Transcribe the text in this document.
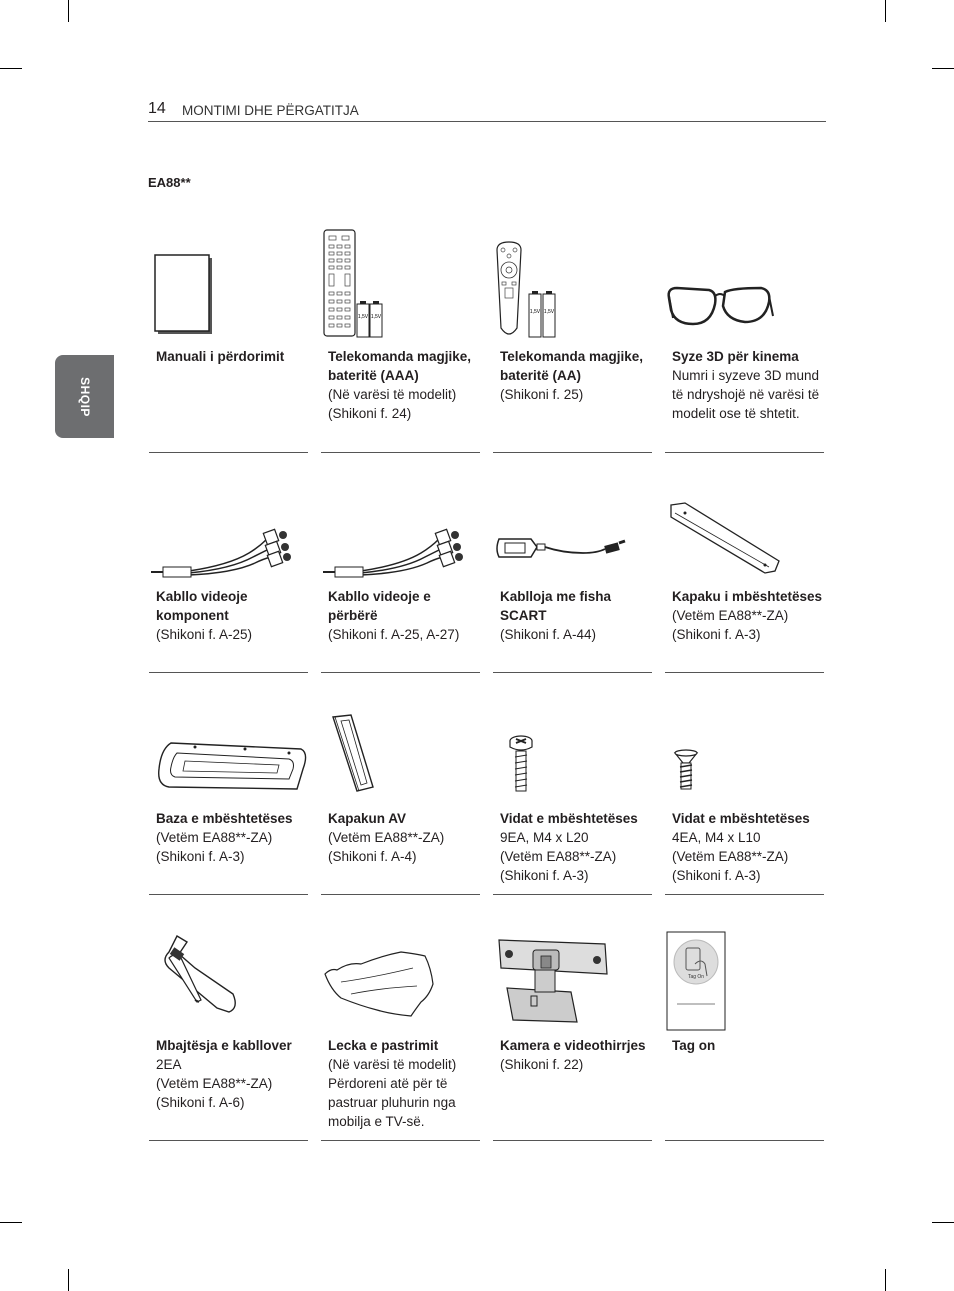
14 MONTIMI DHE PËRGATITJA
EA88**
SHQIP
Manuali i përdorimit
1,5V 1,5V
Telekomanda magjike, bateritë (AAA)
(Në varësi të modelit)
(Shikoni f. 24)
1,5V 1,5V
Telekomanda magjike, bateritë (AA)
(Shikoni f. 25)
Syze 3D për kinema
Numri i syzeve 3D mund të ndryshojë në varësi të modelit ose të shtetit.
Kabllo videoje komponent
(Shikoni f. A-25)
Kabllo videoje e përbërë
(Shikoni f. A-25, A-27)
Kablloja me fisha SCART
(Shikoni f. A-44)
Kapaku i mbështetëses
(Vetëm EA88**-ZA)
(Shikoni f. A-3)
Baza e mbështetëses
(Vetëm EA88**-ZA)
(Shikoni f. A-3)
Kapakun AV
(Vetëm EA88**-ZA)
(Shikoni f. A-4)
Vidat e mbështetëses
9EA, M4 x L20
(Vetëm EA88**-ZA)
(Shikoni f. A-3)
Vidat e mbështetëses
4EA, M4 x L10
(Vetëm EA88**-ZA)
(Shikoni f. A-3)
Mbajtësja e kabllover
2EA
(Vetëm EA88**-ZA)
(Shikoni f. A-6)
Lecka e pastrimit
(Në varësi të modelit)
Përdoreni atë për të pastruar pluhurin nga mobilja e TV-së.
Kamera e videothirrjes
(Shikoni f. 22)
Tag On
Tag on
